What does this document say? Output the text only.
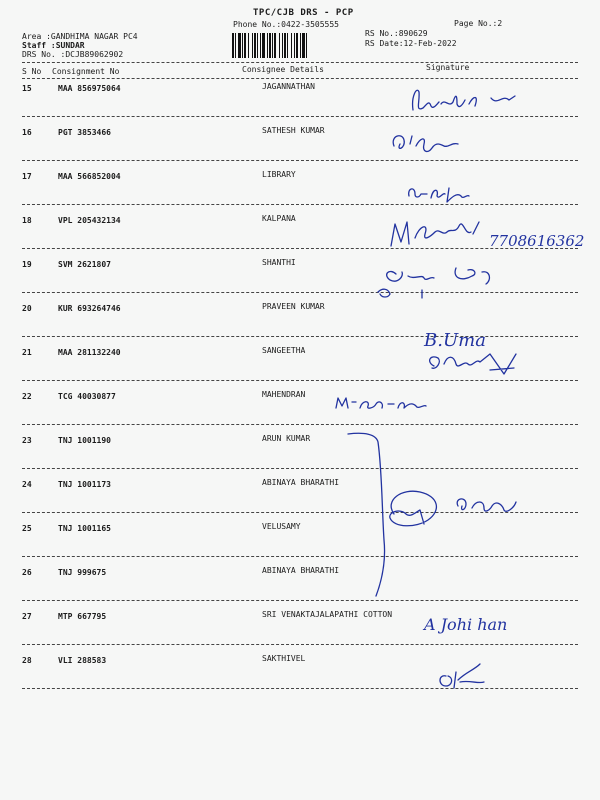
TPC/CJB DRS - PCP
Phone No.:0422-3505555	Page No.:2
Area :GANDHIMA NAGAR PC4
Staff :SUNDAR
DRS No. :DCJB89062902
RS No.:890629
RS Date:12-Feb-2022
S No Consignment No	Consignee Details	Signature
15	MAA 856975064	JAGANNATHAN
16	PGT 3853466	SATHESH KUMAR
17	MAA 566852004	LIBRARY
18	VPL 205432134	KALPANA
19	SVM 2621807	SHANTHI
20	KUR 693264746	PRAVEEN KUMAR
21	MAA 281132240	SANGEETHA
22	TCG 40030877	MAHENDRAN
23	TNJ 1001190	ARUN KUMAR
24	TNJ 1001173	ABINAYA BHARATHI
25	TNJ 1001165	VELUSAMY
26	TNJ 999675	ABINAYA BHARATHI
27	MTP 667795	SRI VENAKTAJALAPATHI COTTON
28	VLI 288583	SAKTHIVEL
7708616362
B.Uma
A Johi han
